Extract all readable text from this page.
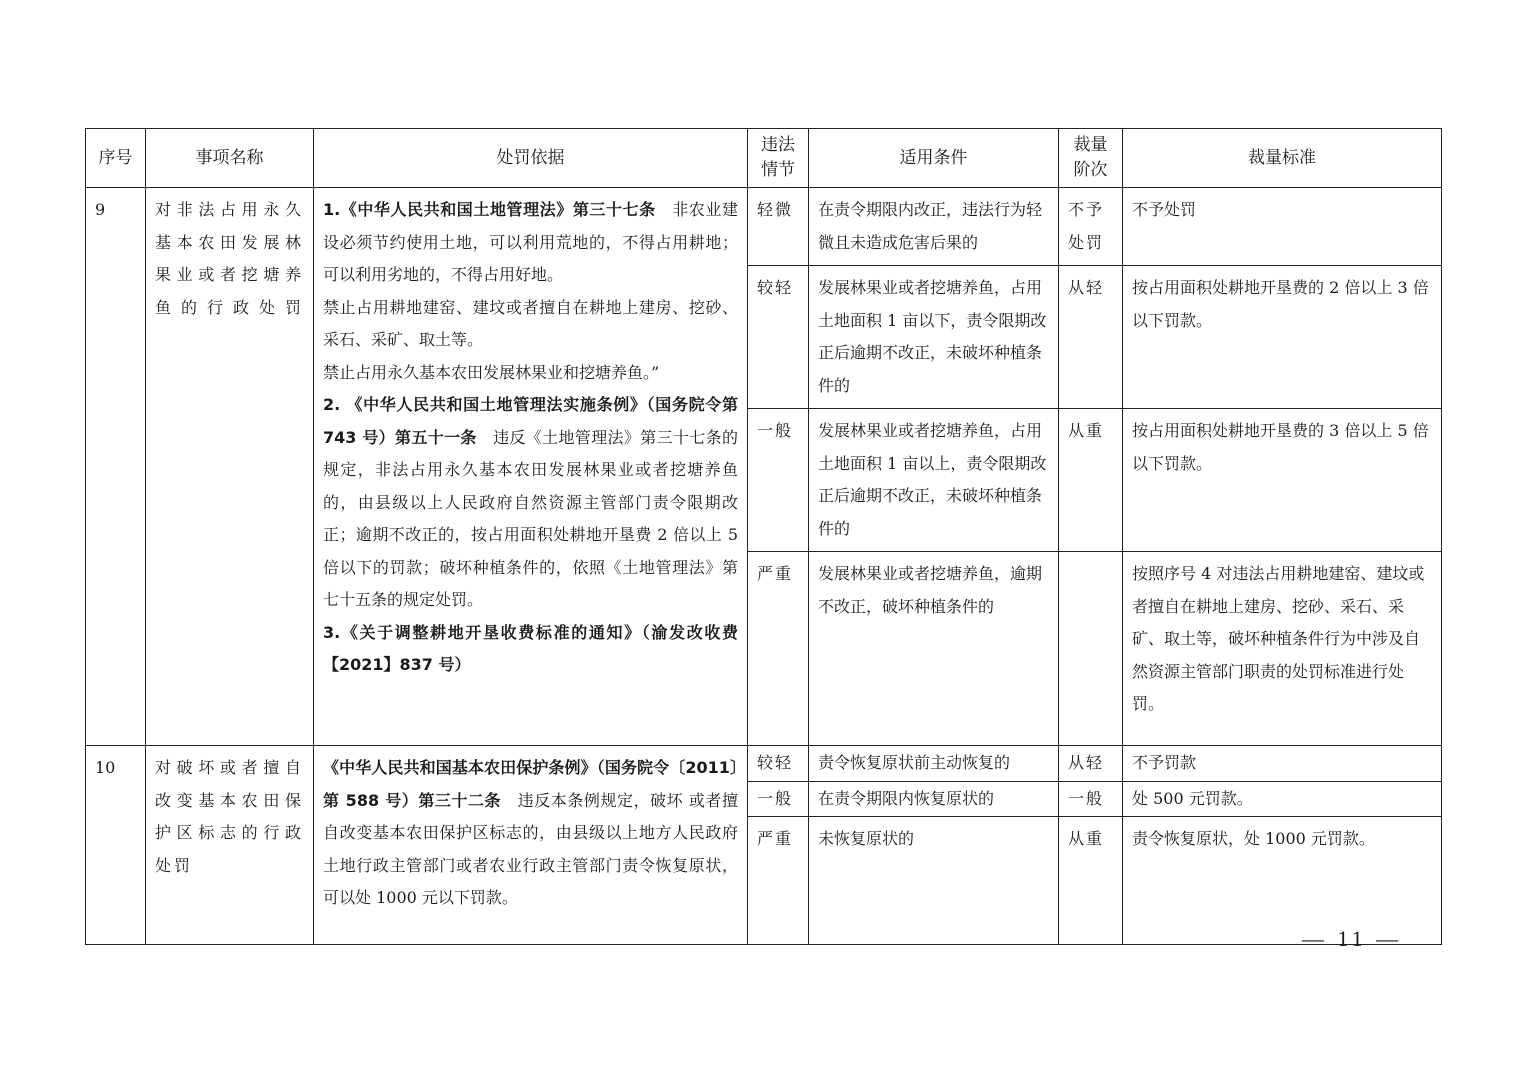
序号	事项名称	处罚依据	违法情节	适用条件	裁量阶次	裁量标准
9	对非法占用永久基本农田发展林果业或者挖塘养鱼的行政处罚	1.《中华人民共和国土地管理法》第三十七条　非农业建设必须节约使用土地，可以利用荒地的，不得占用耕地；可以利用劣地的，不得占用好地。
禁止占用耕地建窑、建坟或者擅自在耕地上建房、挖砂、采石、采矿、取土等。
禁止占用永久基本农田发展林果业和挖塘养鱼。”
2. 《中华人民共和国土地管理法实施条例》（国务院令第 743 号）第五十一条　违反《土地管理法》第三十七条的规定，非法占用永久基本农田发展林果业或者挖塘养鱼的，由县级以上人民政府自然资源主管部门责令限期改正；逾期不改正的，按占用面积处耕地开垦费 2 倍以上 5 倍以下的罚款；破坏种植条件的，依照《土地管理法》第七十五条的规定处罚。
3.《关于调整耕地开垦收费标准的通知》（渝发改收费【2021】837 号）	轻微	在责令期限内改正，违法行为轻微且未造成危害后果的	不予处罚	不予处罚
			较轻	发展林果业或者挖塘养鱼，占用土地面积 1 亩以下，责令限期改正后逾期不改正，未破坏种植条件的	从轻	按占用面积处耕地开垦费的 2 倍以上 3 倍以下罚款。
			一般	发展林果业或者挖塘养鱼，占用土地面积 1 亩以上，责令限期改正后逾期不改正，未破坏种植条件的	从重	按占用面积处耕地开垦费的 3 倍以上 5 倍以下罚款。
			严重	发展林果业或者挖塘养鱼，逾期不改正，破坏种植条件的		按照序号 4 对违法占用耕地建窑、建坟或者擅自在耕地上建房、挖砂、采石、采矿、取土等，破坏种植条件行为中涉及自然资源主管部门职责的处罚标准进行处罚。
10	对破坏或者擅自改变基本农田保护区标志的行政处罚	《中华人民共和国基本农田保护条例》（国务院令〔2011〕第 588 号）第三十二条　违反本条例规定，破坏 或者擅自改变基本农田保护区标志的，由县级以上地方人民政府土地行政主管部门或者农业行政主管部门责令恢复原状，可以处 1000 元以下罚款。	较轻	责令恢复原状前主动恢复的	从轻	不予罚款
			一般	在责令期限内恢复原状的	一般	处 500 元罚款。
			严重	未恢复原状的	从重	责令恢复原状，处 1000 元罚款。
— 11 —
